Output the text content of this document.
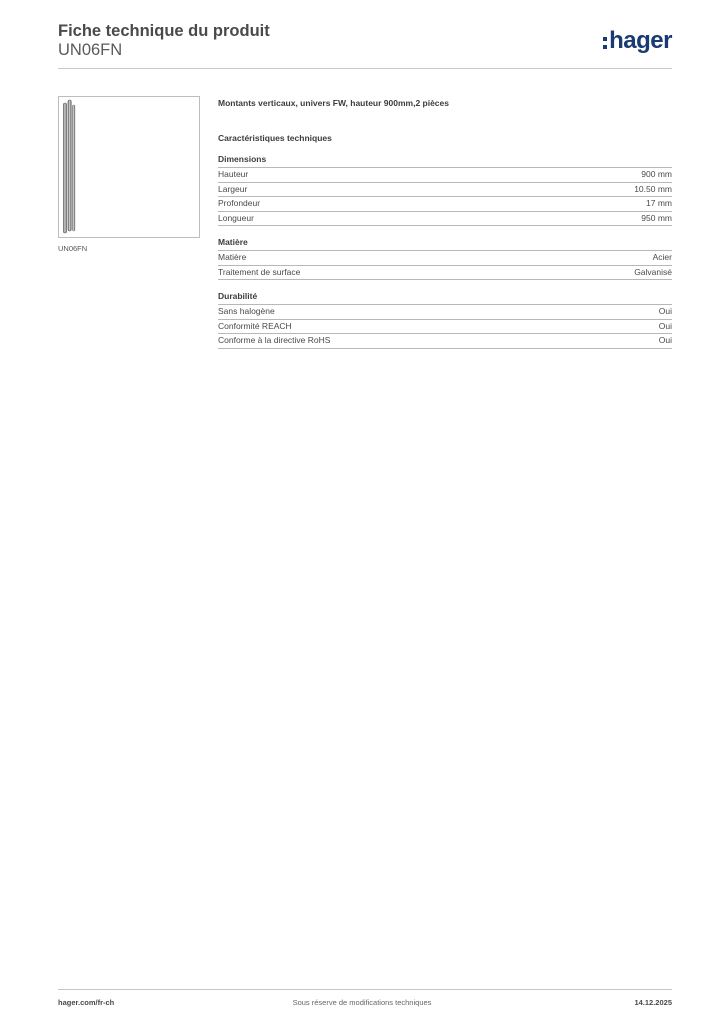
Fiche technique du produit
UN06FN	hager
UN06FN
Montants verticaux, univers FW, hauteur 900mm,2 pièces
Caractéristiques techniques
Dimensions
Hauteur	900 mm
Largeur	10.50 mm
Profondeur	17 mm
Longueur	950 mm
Matière
Matière	Acier
Traitement de surface	Galvanisé
Durabilité
Sans halogène	Oui
Conformité REACH	Oui
Conforme à la directive RoHS	Oui
hager.com/fr-ch	Sous réserve de modifications techniques	14.12.2025
